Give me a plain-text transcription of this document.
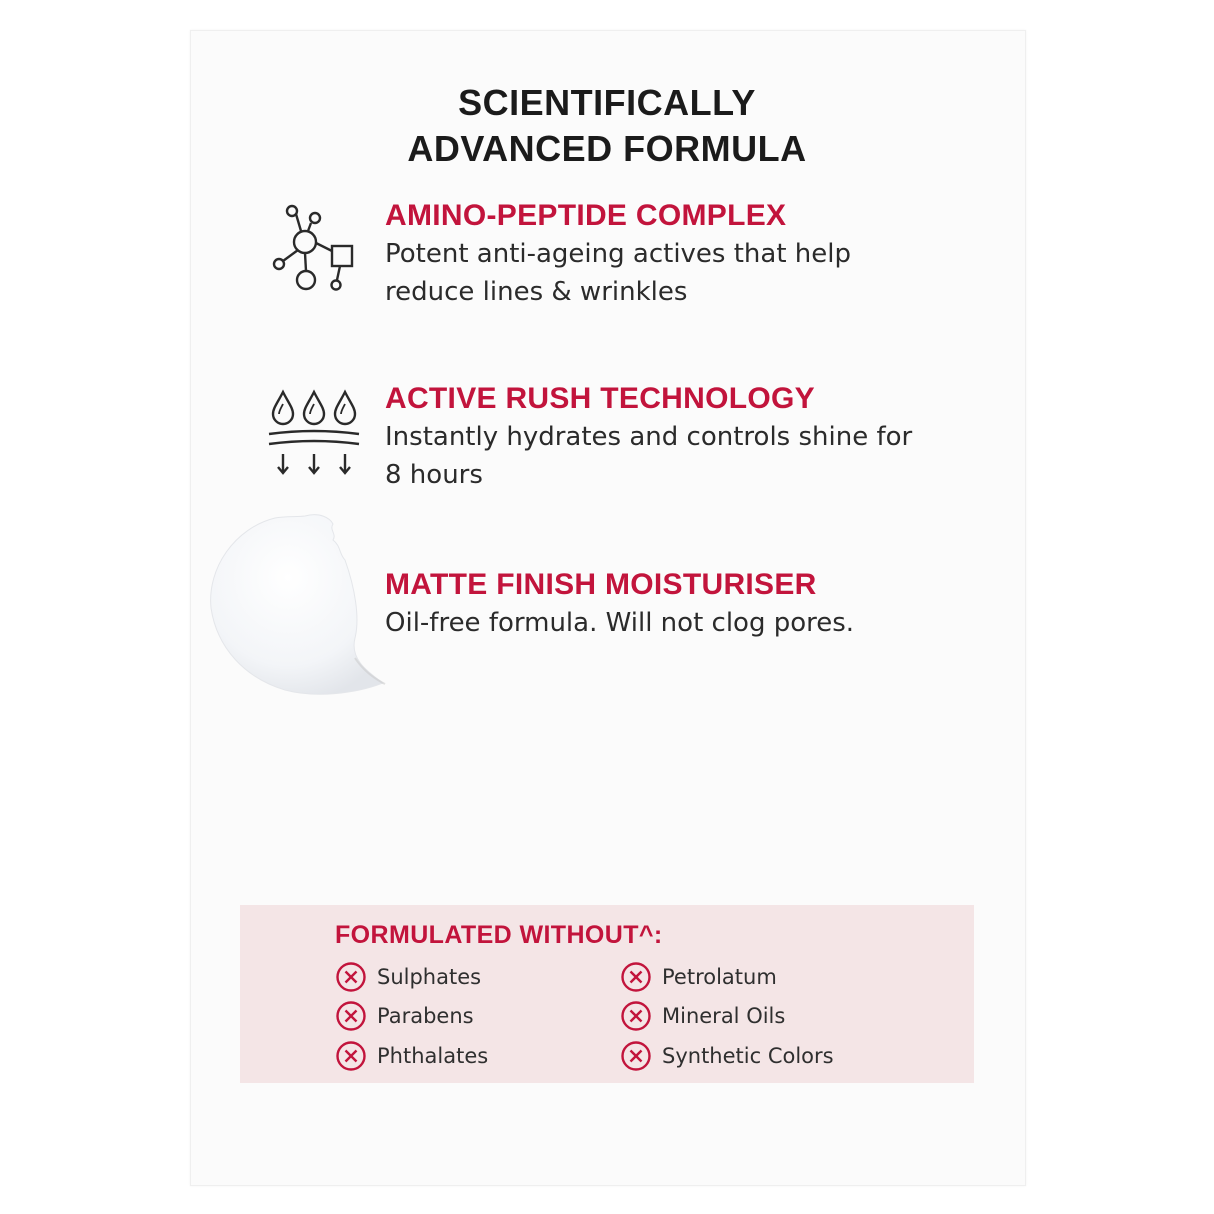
SCIENTIFICALLY
ADVANCED FORMULA

AMINO-PEPTIDE COMPLEX

Potent anti-ageing actives that help reduce lines & wrinkles

ACTIVE RUSH TECHNOLOGY

Instantly hydrates and controls shine for 8 hours

MATTE FINISH MOISTURISER

Oil-free formula. Will not clog pores.

FORMULATED WITHOUT^:
Sulphates
Parabens
Phthalates
Petrolatum
Mineral Oils
Synthetic Colors
